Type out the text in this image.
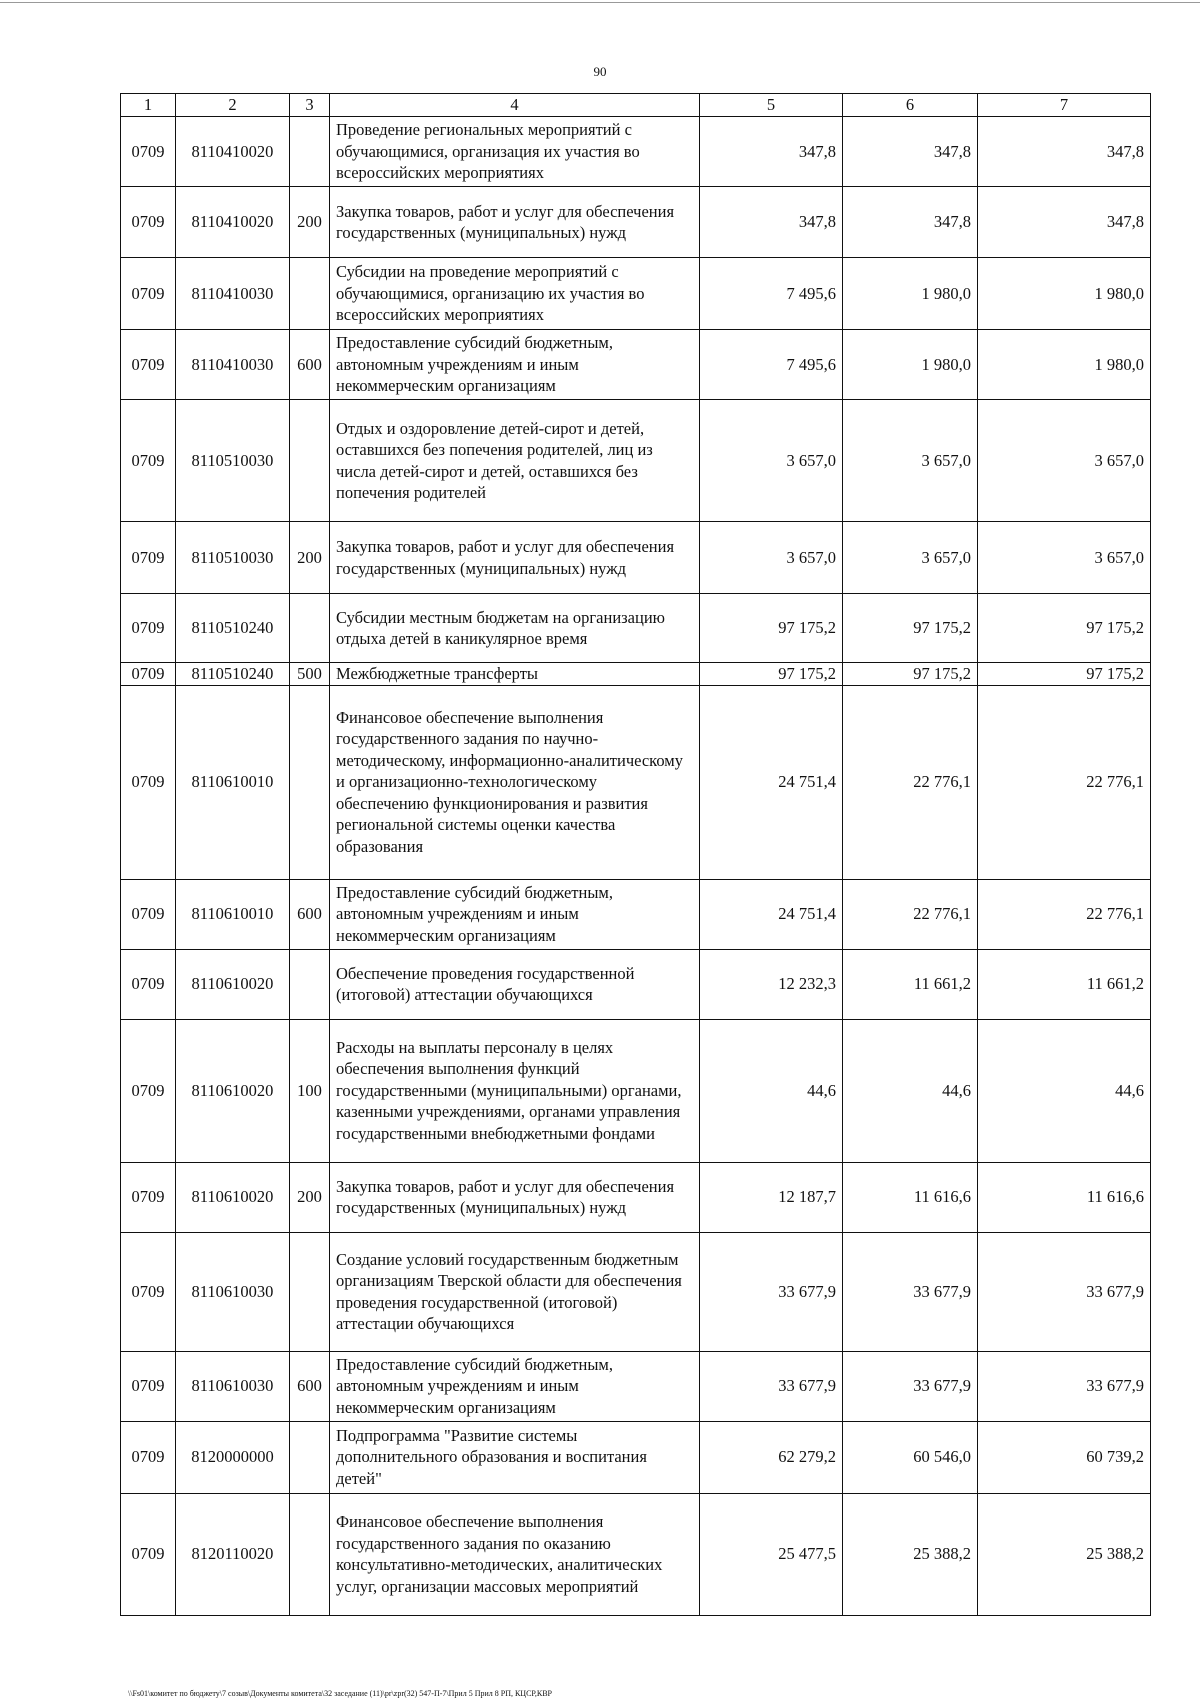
90
1	2	3	4	5	6	7
0709	8110410020		Проведение региональных мероприятий с обучающимися, организация их участия во всероссийских мероприятиях	347,8	347,8	347,8
0709	8110410020	200	Закупка товаров, работ и услуг для обеспечения государственных (муниципальных) нужд	347,8	347,8	347,8
0709	8110410030		Субсидии на проведение мероприятий с обучающимися, организацию их участия во всероссийских мероприятиях	7 495,6	1 980,0	1 980,0
0709	8110410030	600	Предоставление субсидий бюджетным, автономным учреждениям и иным некоммерческим организациям	7 495,6	1 980,0	1 980,0
0709	8110510030		Отдых и оздоровление детей-сирот и детей, оставшихся без попечения родителей, лиц из числа детей-сирот и детей, оставшихся без попечения родителей	3 657,0	3 657,0	3 657,0
0709	8110510030	200	Закупка товаров, работ и услуг для обеспечения государственных (муниципальных) нужд	3 657,0	3 657,0	3 657,0
0709	8110510240		Субсидии местным бюджетам на организацию отдыха детей в каникулярное время	97 175,2	97 175,2	97 175,2
0709	8110510240	500	Межбюджетные трансферты	97 175,2	97 175,2	97 175,2
0709	8110610010		Финансовое обеспечение выполнения государственного задания по научно-методическому, информационно-аналитическому и организационно-технологическому обеспечению функционирования и развития региональной системы оценки качества образования	24 751,4	22 776,1	22 776,1
0709	8110610010	600	Предоставление субсидий бюджетным, автономным учреждениям и иным некоммерческим организациям	24 751,4	22 776,1	22 776,1
0709	8110610020		Обеспечение проведения государственной (итоговой) аттестации обучающихся	12 232,3	11 661,2	11 661,2
0709	8110610020	100	Расходы на выплаты персоналу в целях обеспечения выполнения функций государственными (муниципальными) органами, казенными учреждениями, органами управления государственными внебюджетными фондами	44,6	44,6	44,6
0709	8110610020	200	Закупка товаров, работ и услуг для обеспечения государственных (муниципальных) нужд	12 187,7	11 616,6	11 616,6
0709	8110610030		Создание условий государственным бюджетным организациям Тверской области для обеспечения проведения государственной (итоговой) аттестации обучающихся	33 677,9	33 677,9	33 677,9
0709	8110610030	600	Предоставление субсидий бюджетным, автономным учреждениям и иным некоммерческим организациям	33 677,9	33 677,9	33 677,9
0709	8120000000		Подпрограмма "Развитие системы дополнительного образования и воспитания детей"	62 279,2	60 546,0	60 739,2
0709	8120110020		Финансовое обеспечение выполнения государственного задания по оказанию консультативно-методических, аналитических услуг, организации массовых мероприятий	25 477,5	25 388,2	25 388,2
\\Fs01\комитет по бюджету\7 созыв\Документы комитета\32 заседание (11)\pr\zpr(32) 547-П-7\Прил 5 Прил 8 РП, КЦСР,КВР
